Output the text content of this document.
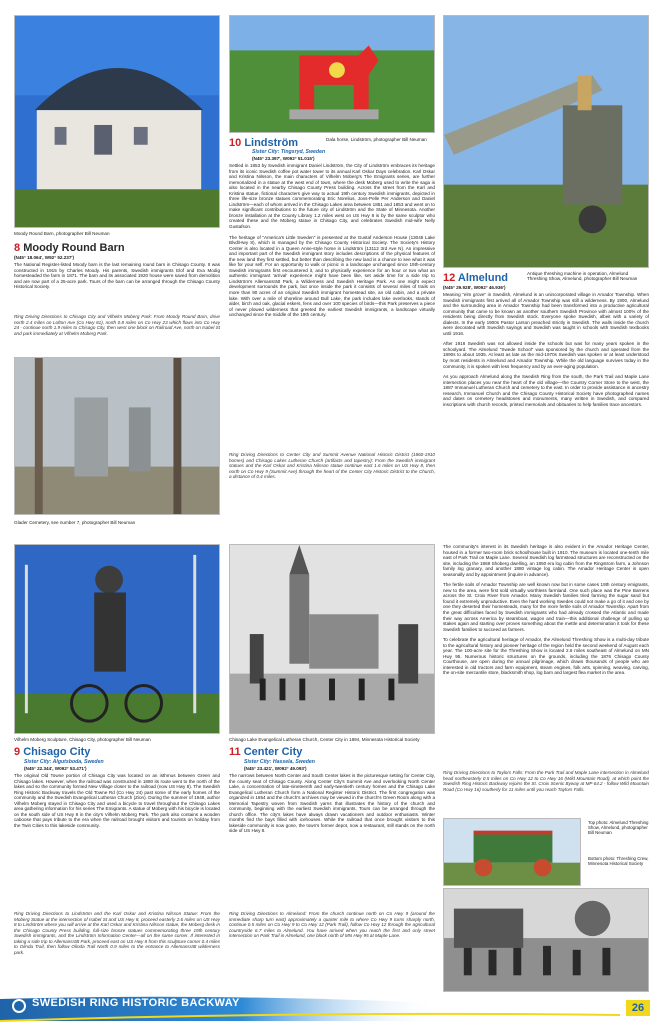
Moody Round Barn, photographer Bill Neuman
Dala horse, Lindström, photographer Bill Neuman
Antique threshing machine in operation, Almelund Threshing Show, Almelund, photographer Bill Neuman
Glader Cemetery, see number 7, photographer Bill Neuman
Vilhelm Moberg Sculpture, Chisago City, photographer Bill Neuman	Chisago Lake Evangelical Lutheran Church, Center City in 1894, Minnesota Historical Society
Top photo: Almelund Threshing Show, Almelund, photographer Bill Neuman
Bottom photo: Threshing Crew, Minnesota Historical Society
8 Moody Round Barn
(N45° 18.064', W92° 52.237')
The National Register-listed Moody barn is the last remaining round barn in Chisago County. It was constructed in 1915 by Charles Moody. His parents, Swedish immigrants Elof and Eva Modig homesteaded the farm in 1871. The barn and its associated 1920 house were saved from demolition and are now part of a 25-acre park. Tours of the barn can be arranged through the Chisago County Historical Society.
Ring Driving Directions to Chisago City and Vilhelm Moberg Park: From Moody Round Barn, drive north 2.4 miles on Lofton Ave (Co Hwy 81), north 0.8 miles on Co Hwy 23 which flows into Co Hwy 24 - continue north 1.9 miles to Chisago City, then west one block on Railroad Ave, north on Isabel St and park immediately at Vilhelm Moberg Park.
10 Lindström
Sister City: Tingsryd, Sweden
(N45° 23.397', W092° 51.015')

Settled in 1853 by Swedish immigrant Daniel Lindström, the City of Lindström embraces its heritage from its iconic Swedish coffee pot water tower to its annual Karl Oskar Days celebration. Karl Oskar and Kristina Nilsson, the main characters of Vilhelm Moberg's The Emigrants series, are further memorialized in a statue at the west end of town, where the desk Moberg used to write the saga is also located in the nearby Chisago County Press building. Across the street from the Karl and Kristina statue, fictional characters give way to actual 19th century Swedish immigrants, depicted in three life-size bronze statues commemorating Eric Norelius, Jons-Pelle Per Anderson and Daniel Lindström—each of whom arrived in the Chisago Lakes area between 1851 and 1853 and went on to make significant contributions to the future city of Lindström and the State of Minnesota. Another bronze installation at the County Library 1.2 miles west on US Hwy 8 is by the same sculptor who created these and the Moberg statue in Chisago City, and celebrates Swedish mid-wife Nelly Gustafson.

The heritage of "America's Little Sweden" is presented at the Gustaf Anderson House (13045 Lake Blvd/Hwy 8), which is managed by the Chisago County Historical Society. The Society's History Center is also located in a Queen Anne-style home in Lindström (13112 3rd Ave N). An impressive and important part of the Swedish immigrant story includes descriptions of the physical features of the new land they first settled, but better than describing the new land is a chance to see what it was like for your self. For an opportunity to walk or picnic in a landscape unchanged since 19th-century Swedish immigrants first encountered it, and to physically experience for an hour or two what an authentic immigrant 'arrival' experience might have been like, set aside time for a side trip to Lindström's Allemansrätt Park, a Wilderness and Swedish Heritage Park. As one might expect development surrounds the park, but once inside the park it consists of several miles of trails on more than 90 acres of an original Swedish immigrant homestead site, an old cabin, and a private lake. With over a mile of shoreline around Bull Lake, the park includes lake overlooks, stands of alder, birch and oak, glacial eskers, fens and over 100 species of birds—this Park preserves a piece of never plowed wilderness that greeted the earliest Swedish immigrants, a landscape virtually unchanged since the middle of the 19th century.

Ring Driving Directions to Center City and Summit Avenue National Historic District (1860-1910 homes) and Chisago Lakes Lutheran Church (artifacts and tapestry): From the Swedish immigrant statues and the Karl Oskar and Kristina Nilsson statue continue east 1.6 miles on US Hwy 8, then north on Co Hwy 9 (Summit Ave) through the heart of the Center City Historic District to the Church, a distance of 0.4 miles.
12 Almelund
(N45° 29.928', W092° 46.936')

Meaning "elm grove" in Swedish, Almelund is an unincorporated village in Amador Township. When Swedish immigrants first arrived all of Amador Township was still a wilderness. By 1900, Almelund and the surrounding area in Amador Township had been transformed into a productive agricultural community that came to be known as another southern Swedish Province with almost 100% of the residents being directly from Swedish stock. Everyone spoke Swedish, albeit with a variety of dialects. In the early 1900s Pastor Larson preached strictly in Swedish. The walls inside the church were decorated with Swedish sayings and Swedish was taught in schools with Swedish textbooks until 1916.

After 1916 Swedish was not allowed inside the schools but was for many years spoken in the schoolyard. The Almelund "Swede School" was sponsored by the church and operated from the 1890s to about 1935. At least as late as the mid-1970s Swedish was spoken or at least understood by most residents in Almelund and Amador Township. While the old language survives today in the community, it is spoken with less frequency and by an ever-aging population.

As you approach Almelund along the Swedish Ring from the south, the Park Trail and Maple Lane intersection places you near the heart of the old village—the Country Corner Store to the west, the 1887 Immanuel Lutheran Church and cemetery to the east. In order to provide assistance in ancestry research, Immanuel Church and the Chisago County Historical Society have photographed names and dates on cemetery headstones and monuments, many written in Swedish, and compared inscriptions with church records, printed memorials and obituaries to help families trace ancestors.

The community's interest in its Swedish heritage is also evident in the Amador Heritage Center, housed in a former two-room brick schoolhouse built in 1910. The museum is located one-tenth mile east of Park Trail on Maple Lane. Several Swedish log farmstead structures are reconstructed on the site, including the 1869 Shoberg dwelling, an 1850 era log cabin from the Ringstrom farm, a Johnson family log granary, and another 1880 vintage log cabin. The Amador Heritage Center is open seasonally and by appointment (inquire in advance).

The fertile soils of Amador Township are well known now but in some cases 19th century emigrants, new to the area, were first sold virtually worthless farmland. One such place was the Pine Barrens across the St. Croix River from Amador. Many Swedish families tried farming the sugar sand but found it extremely unproductive. Even the hard working Swedes could not make a go of it and one by one they deserted their homesteads, many for the more fertile soils of Amador Township. Apart from the great difficulties faced by Swedish immigrants who had already crossed the Atlantic and made their way across America by steamboat, wagon and train—this additional challenge of pulling up stakes again and starting over proves something about the mettle and determination it took for these Swedish families to succeed as farmers.

To celebrate the agricultural heritage of Amador, the Almelund Threshing Show is a multi-day tribute to the agricultural history and pioneer heritage of the region held the second weekend of August each year. The 100-acre site for the Threshing Show is located 2.6 miles southeast of Almelund on MN Hwy 95. Numerous historic structures on the grounds, including the 1876 Chisago County Courthouse, are open during the annual pilgrimage, which draws thousands of people who are interested in old tractors and farm equipment, steam engines, folk arts, spinning, weaving, carving, the on-site mercantile store, blacksmith shop, log barn and largest flea market in the area.

Ring Driving Directions to Taylors Falls: From the Park Trail and Maple Lane intersection in Almelund head northeasterly 0.5 miles on Co Hwy 12 to Co Hwy 16 (Wild Mountain Road), at which point the Swedish Ring Historic Backway rejoins the St. Croix Scenic Byway at MP 64.2 - follow Wild Mountain Road (Co Hwy 16) southerly for 11 miles until you reach Taylors Falls.
9 Chisago City
Sister City: Algutsboda, Sweden
(N45° 22.344', W092° 53.471')
The original Old Towne portion of Chisago City was located on an isthmus between Green and Chisago lakes. However, when the railroad was constructed in 1880 its route went to the north of the lakes and so the community formed New Village closer to the railroad (now US Hwy 8). The Swedish Ring Historic Backway travels the Old Towne Rd (Co Hwy 24) past some of the early homes of the community and the Swedish Evangelical Lutheran Church (Zion). During the summer of 1948, author Vilhelm Moberg stayed in Chisago City and used a bicycle to travel throughout the Chisago Lakes area gathering information for his series The Emigrants. A statue of Moberg with his bicycle is located on the south side of US Hwy 8 in the city's Vilhelm Moberg Park. The park also contains a wooden caboose that pays tribute to the era when the railroad brought visitors and tourists on holiday from the Twin Cities to this lakeside community.
Ring Driving Directions to Lindström and the Karl Oskar and Kristina Nilsson Statue: From the Moberg Statue at the intersection of Isabel St and US Hwy 8, proceed easterly 2.6 miles on US Hwy 8 to Lindström where you will arrive at the Karl Oskar and Kristina Nilsson statue, the Moberg desk in the Chisago County Press building, full-size bronze statues commemorating three 19th century Swedish immigrants, and the Lindström Information Center—all on the same corner. If interested in taking a side trip to Allemansrätt Park, proceed east on US Hwy 8 from this sculpture corner 0.4 miles to Olinda Trail, then follow Olinda Trail North 0.9 miles to the entrance to Allemansrätt wilderness park.
11 Center City
Sister City: Hassela, Sweden
(N45° 23.421', W092° 49.093')
The narrows between North Center and South Center lakes is the picturesque setting for Center City, the county seat of Chisago County. Along Center City's Summit Ave and overlooking North Center Lake, a concentration of late-nineteenth and early-twentieth century homes and the Chisago Lake Evangelical Lutheran Church form a National Register Historic District. The first congregation was organized in 1854 and the church's archives may be viewed in the church's Green Room along with a Memorial Tapestry woven from Swedish yarns that illustrates the history of the church and community, beginning with the earliest Swedish immigrants. Tours can be arranged through the church office. The city's lakes have always drawn vacationers and outdoor enthusiasts. Winter months find the bays filled with icehouses. While the railroad that once brought visitors to this lakeside community is now gone, the town's former depot, now a restaurant, still stands on the north side of US Hwy 8.
Ring Driving Directions to Almelund: From the church continue north on Co Hwy 9 (around the immediate sharp turn east) approximately a quarter mile to where Co Hwy 9 turns sharply north, continue 0.5 miles on Co Hwy 9 to Co Hwy 12 (Park Trail), follow Co Hwy 12 through the agricultural countryside 6.7 miles to Almelund. You have arrived when you reach the first and only street intersection on Park Trail in Almelund, one block north of MN Hwy 95 at Maple Lane.
SWEDISH RING HISTORIC BACKWAY	26
